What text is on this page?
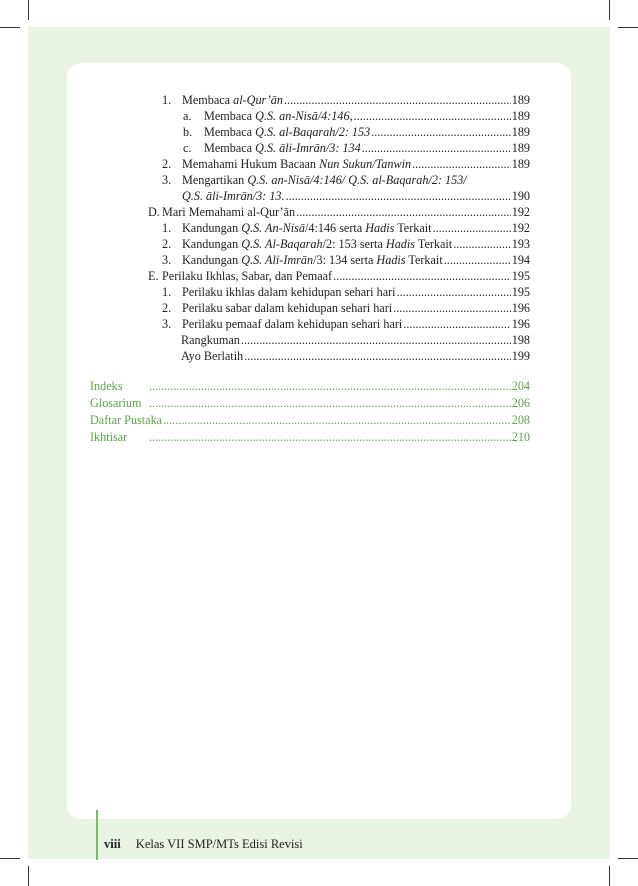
1. Membaca al-Qur’ān .....	189
a.	Membaca Q.S. an-Nisā/4:146, .....	189
b. Membaca Q.S. al-Baqarah/2: 153 .....	189
c.	Membaca Q.S. āli-Imrān/3: 134 .....	189
2. Memahami Hukum Bacaan Nun Sukun/Tanwin .....	189
3. Mengartikan Q.S. an-Nisā/4:146/ Q.S. al-Baqarah/2: 153/
Q.S. āli-Imrān/3: 13. .....	190
D. Mari Memahami al-Qur’ān .....	192
1. Kandungan Q.S. An-Nisā/4:146 serta Hadis Terkait .....	192
2. Kandungan Q.S. Al-Baqarah/2: 153 serta Hadis Terkait .....	193
3. Kandungan Q.S. Ali-Imrān/3: 134 serta Hadis Terkait .....	194
E. Perilaku Ikhlas, Sabar, dan Pemaaf .....	195
1. Perilaku ikhlas dalam kehidupan sehari hari .....	195
2. Perilaku sabar dalam kehidupan sehari hari .....	196
3. Perilaku pemaaf dalam kehidupan sehari hari .....	196
Rangkuman .....	198
Ayo Berlatih .....	199
Indeks .....	204
Glosarium .....	206
Daftar Pustaka .....	208
Ikhtisar .....	210
viii Kelas VII SMP/MTs Edisi Revisi
